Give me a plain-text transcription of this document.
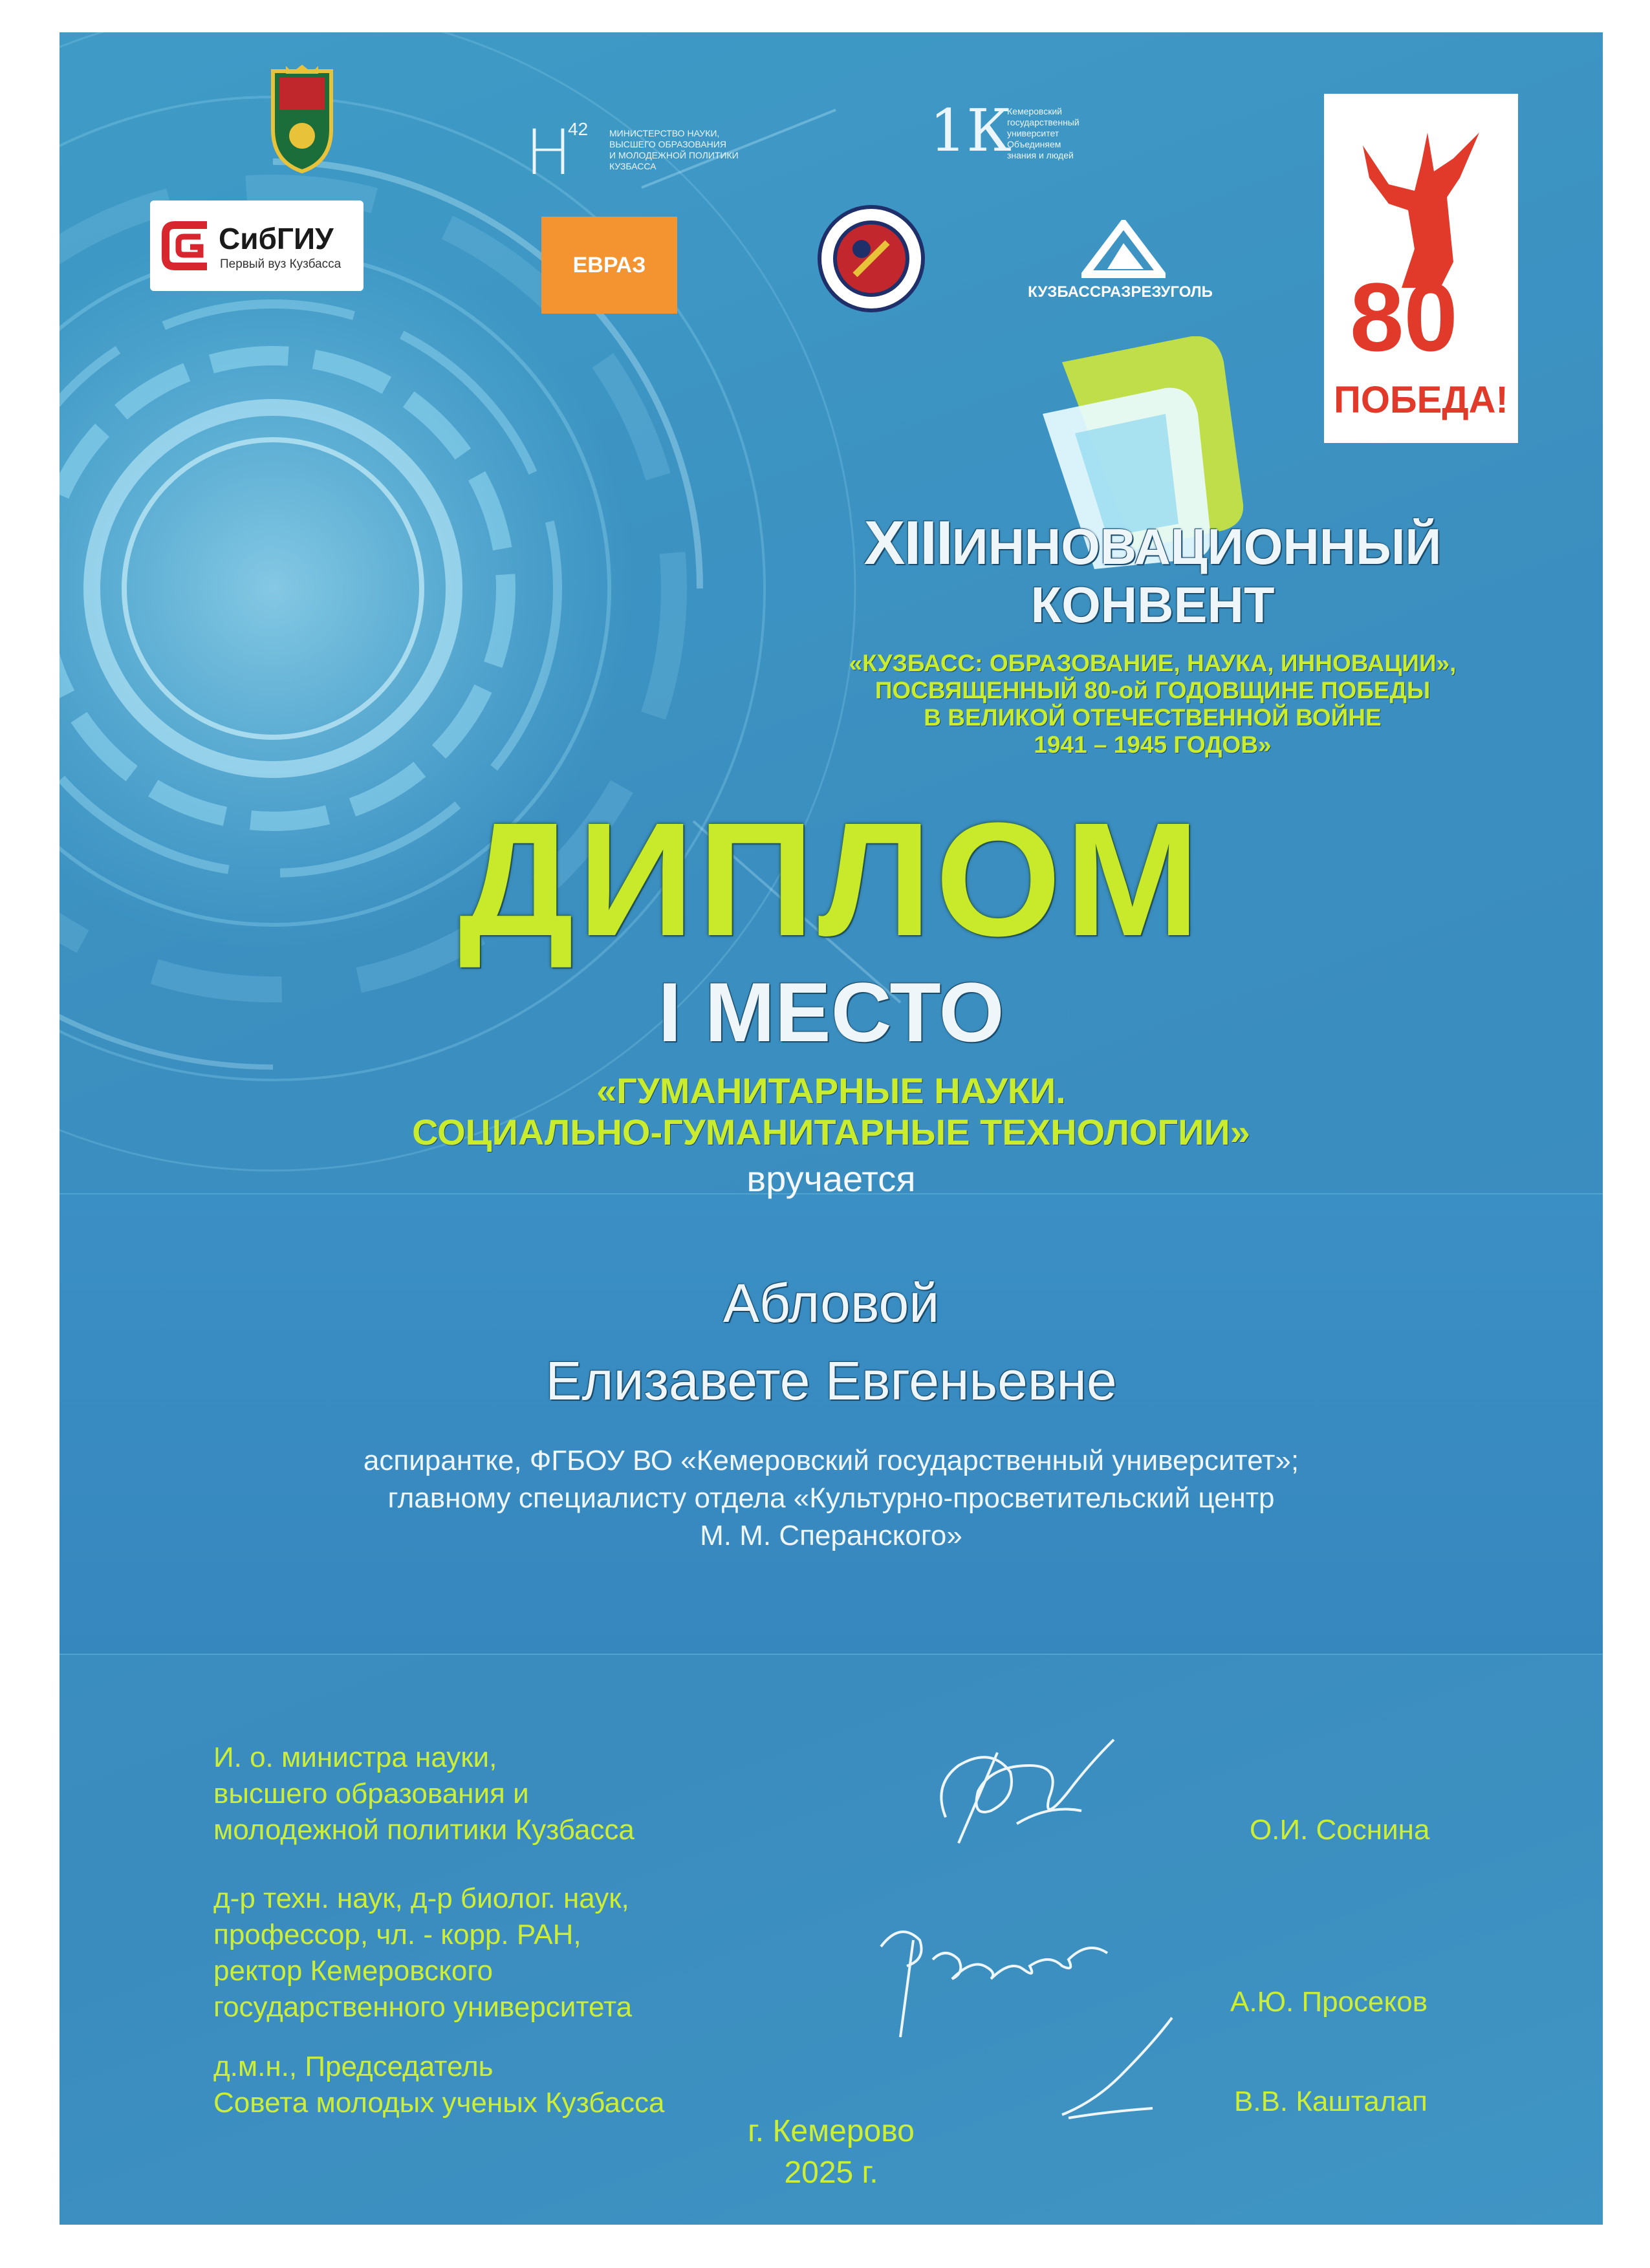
СибГИУ
Первый вуз Кузбасса
H
42 МИНИСТЕРСТВО НАУКИ,
ВЫСШЕГО ОБРАЗОВАНИЯ
И МОЛОДЕЖНОЙ ПОЛИТИКИ
КУЗБАССА
ЕВРАЗ
1К
Кемеровский
государственный
университет
Объединяем
знания и людей
КУЗБАССРАЗРЕЗУГОЛЬ 80
ПОБЕДА!
XIIIИННОВАЦИОННЫЙ
КОНВЕНТ
«КУЗБАСС: ОБРАЗОВАНИЕ, НАУКА, ИННОВАЦИИ»,
ПОСВЯЩЕННЫЙ 80-ой ГОДОВЩИНЕ ПОБЕДЫ
В ВЕЛИКОЙ ОТЕЧЕСТВЕННОЙ ВОЙНЕ
1941 – 1945 ГОДОВ»
ДИПЛОМ
I МЕСТО
«ГУМАНИТАРНЫЕ НАУКИ.
СОЦИАЛЬНО-ГУМАНИТАРНЫЕ ТЕХНОЛОГИИ»
вручается
Абловой
Елизавете Евгеньевне
аспирантке, ФГБОУ ВО «Кемеровский государственный университет»;
главному специалисту отдела «Культурно-просветительский центр
М. М. Сперанского»
И. о. министра науки,
высшего образования и
молодежной политики Кузбасса	О.И. Соснина
д-р техн. наук, д-р биолог. наук,
профессор, чл. - корр. РАН,
ректор Кемеровского
государственного университета	А.Ю. Просеков
д.м.н., Председатель
Совета молодых ученых Кузбасса	В.В. Кашталап
г. Кемерово
2025 г.
